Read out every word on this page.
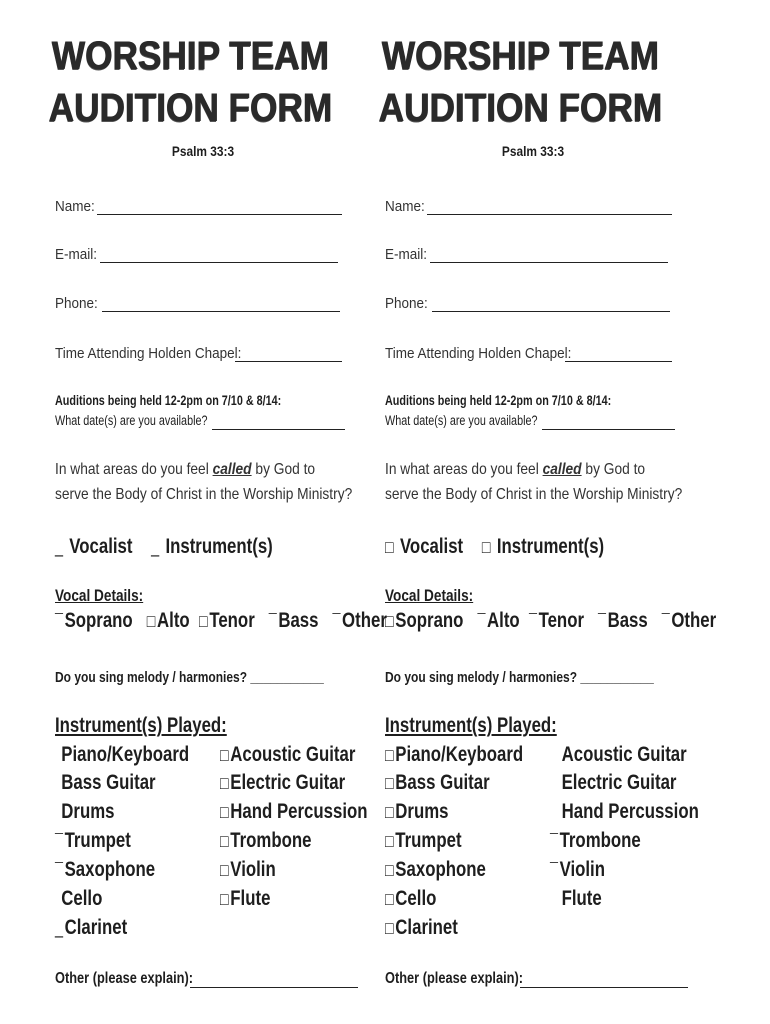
WORSHIP TEAM
AUDITION FORM
Psalm 33:3
Name:
E-mail:
Phone:
Time Attending Holden Chapel:
Auditions being held 12-2pm on 7/10 & 8/14:
What date(s) are you available?
In what areas do you feel called by God to
serve the Body of Christ in the Worship Ministry?
_ Vocalist _ Instrument(s)
Vocal Details:
¯Soprano □Alto □Tenor ¯Bass ¯Other
Do you sing melody / harmonies? ___________
Instrument(s) Played:
Piano/Keyboard
Bass Guitar
Drums
¯Trumpet
¯Saxophone
Cello
_Clarinet
□Acoustic Guitar
□Electric Guitar
□Hand Percussion
□Trombone
□Violin
□Flute
Other (please explain):
WORSHIP TEAM
AUDITION FORM
Psalm 33:3
Name:
E-mail:
Phone:
Time Attending Holden Chapel:
Auditions being held 12-2pm on 7/10 & 8/14:
What date(s) are you available?
In what areas do you feel called by God to
serve the Body of Christ in the Worship Ministry?
□ Vocalist □ Instrument(s)
Vocal Details:
□Soprano ¯Alto ¯Tenor ¯Bass ¯Other
Do you sing melody / harmonies? ___________
Instrument(s) Played:
□Piano/Keyboard
□Bass Guitar
□Drums
□Trumpet
□Saxophone
□Cello
□Clarinet
Acoustic Guitar
Electric Guitar
Hand Percussion
¯Trombone
¯Violin
Flute
Other (please explain):
